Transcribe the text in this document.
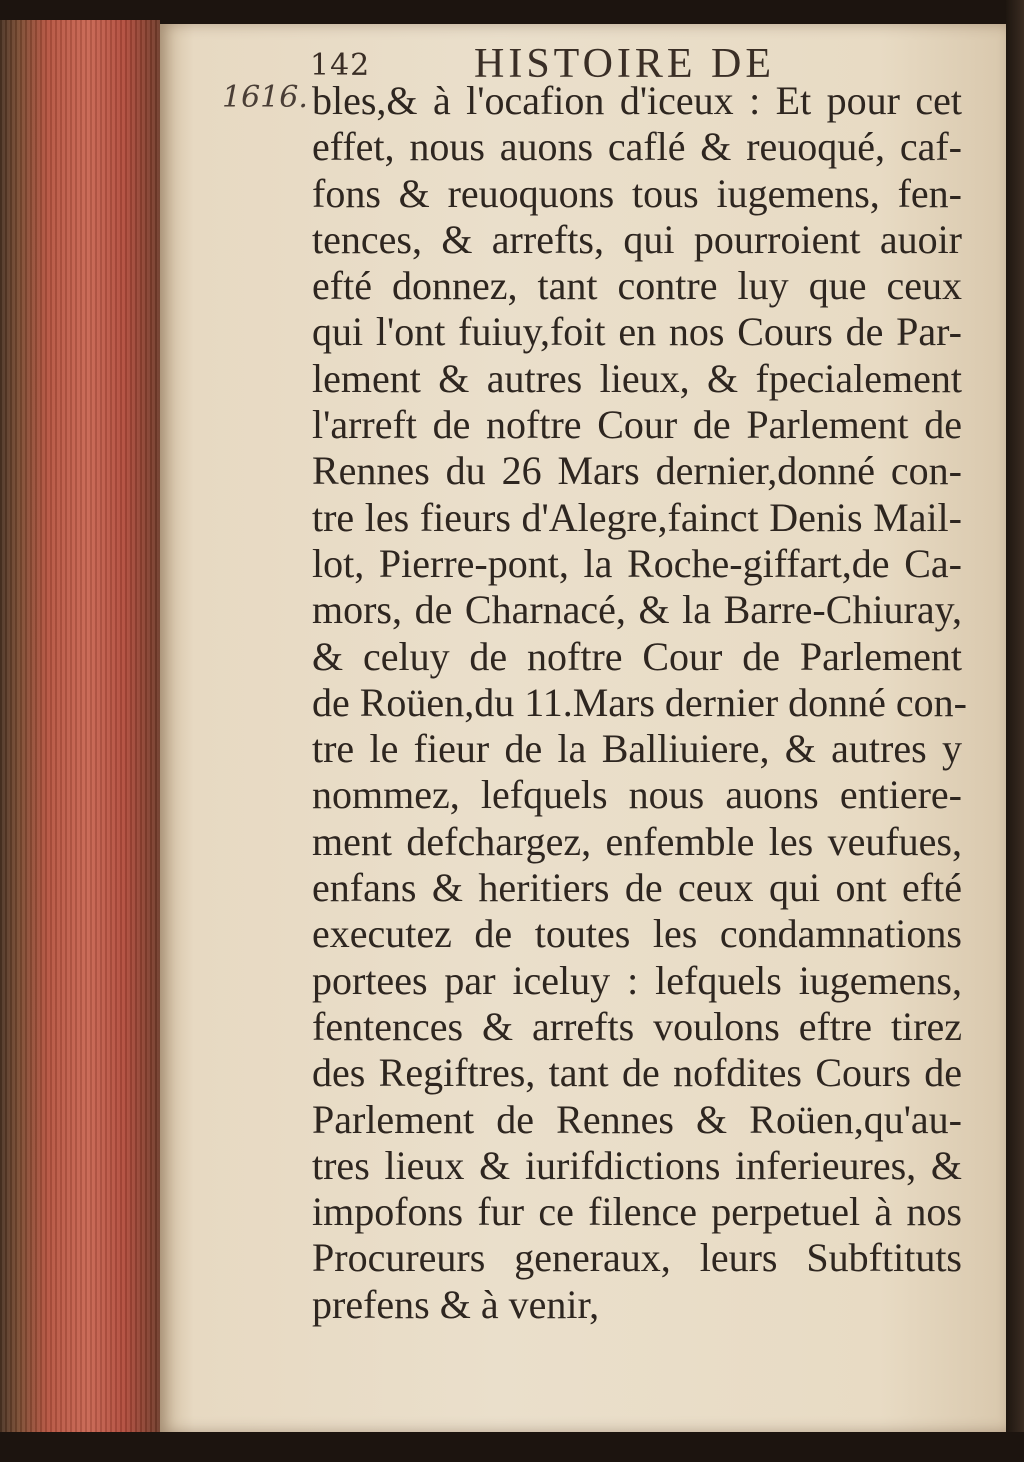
142 HISTOIRE DE
1616. bles,& à l'ocafion d'iceux : Et pour cet
effet, nous auons caflé & reuoqué, caf-
fons & reuoquons tous iugemens, fen-
tences, & arrefts, qui pourroient auoir
efté donnez, tant contre luy que ceux
qui l'ont fuiuy,foit en nos Cours de Par-
lement & autres lieux, & fpecialement
l'arreft de noftre Cour de Parlement de
Rennes du 26 Mars dernier,donné con-
tre les fieurs d'Alegre,fainct Denis Mail-
lot, Pierre-pont, la Roche-giffart,de Ca-
mors, de Charnacé, & la Barre-Chiuray,
& celuy de noftre Cour de Parlement
de Roüen,du 11.Mars dernier donné con-
tre le fieur de la Balliuiere, & autres y
nommez, lefquels nous auons entiere-
ment defchargez, enfemble les veufues,
enfans & heritiers de ceux qui ont efté
executez de toutes les condamnations
portees par iceluy : lefquels iugemens,
fentences & arrefts voulons eftre tirez
des Regiftres, tant de nofdites Cours de
Parlement de Rennes & Roüen,qu'au-
tres lieux & iurifdictions inferieures, &
impofons fur ce filence perpetuel à nos
Procureurs generaux, leurs Subftituts
prefens & à venir,
